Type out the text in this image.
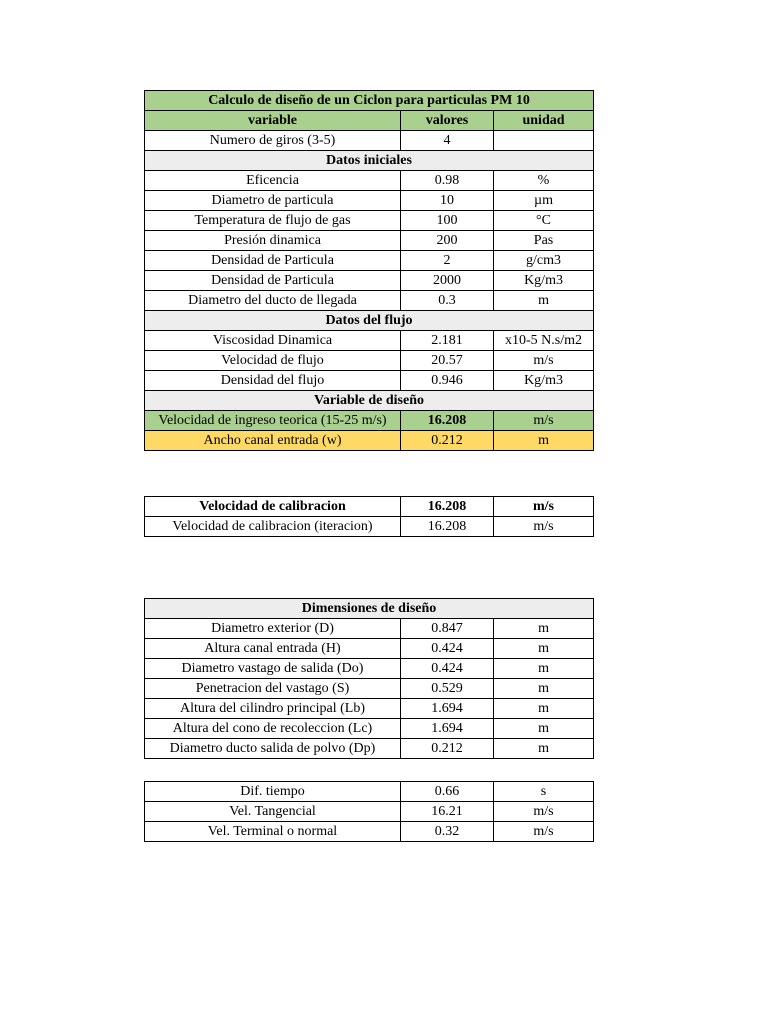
Calculo de diseño de un Ciclon para particulas PM 10		
variable	valores	unidad
Numero de giros (3-5)	4	
Datos iniciales		
Eficencia	0.98	%
Diametro de particula	10	µm
Temperatura de flujo de gas	100	°C
Presión dinamica	200	Pas
Densidad de Particula	2	g/cm3
Densidad de Particula	2000	Kg/m3
Diametro del ducto de llegada	0.3	m
Datos del flujo		
Viscosidad Dinamica	2.181	x10-5 N.s/m2
Velocidad de flujo	20.57	m/s
Densidad del flujo	0.946	Kg/m3
Variable de diseño		
Velocidad de ingreso teorica (15-25 m/s)	16.208	m/s
Ancho canal entrada (w)	0.212	m
Velocidad de calibracion	16.208	m/s
Velocidad de calibracion (iteracion)	16.208	m/s
Dimensiones de diseño		
Diametro exterior (D)	0.847	m
Altura canal entrada (H)	0.424	m
Diametro vastago de salida (Do)	0.424	m
Penetracion del vastago (S)	0.529	m
Altura del cilindro principal (Lb)	1.694	m
Altura del cono de recoleccion (Lc)	1.694	m
Diametro ducto salida de polvo (Dp)	0.212	m
Dif. tiempo	0.66	s
Vel. Tangencial	16.21	m/s
Vel. Terminal o normal	0.32	m/s
